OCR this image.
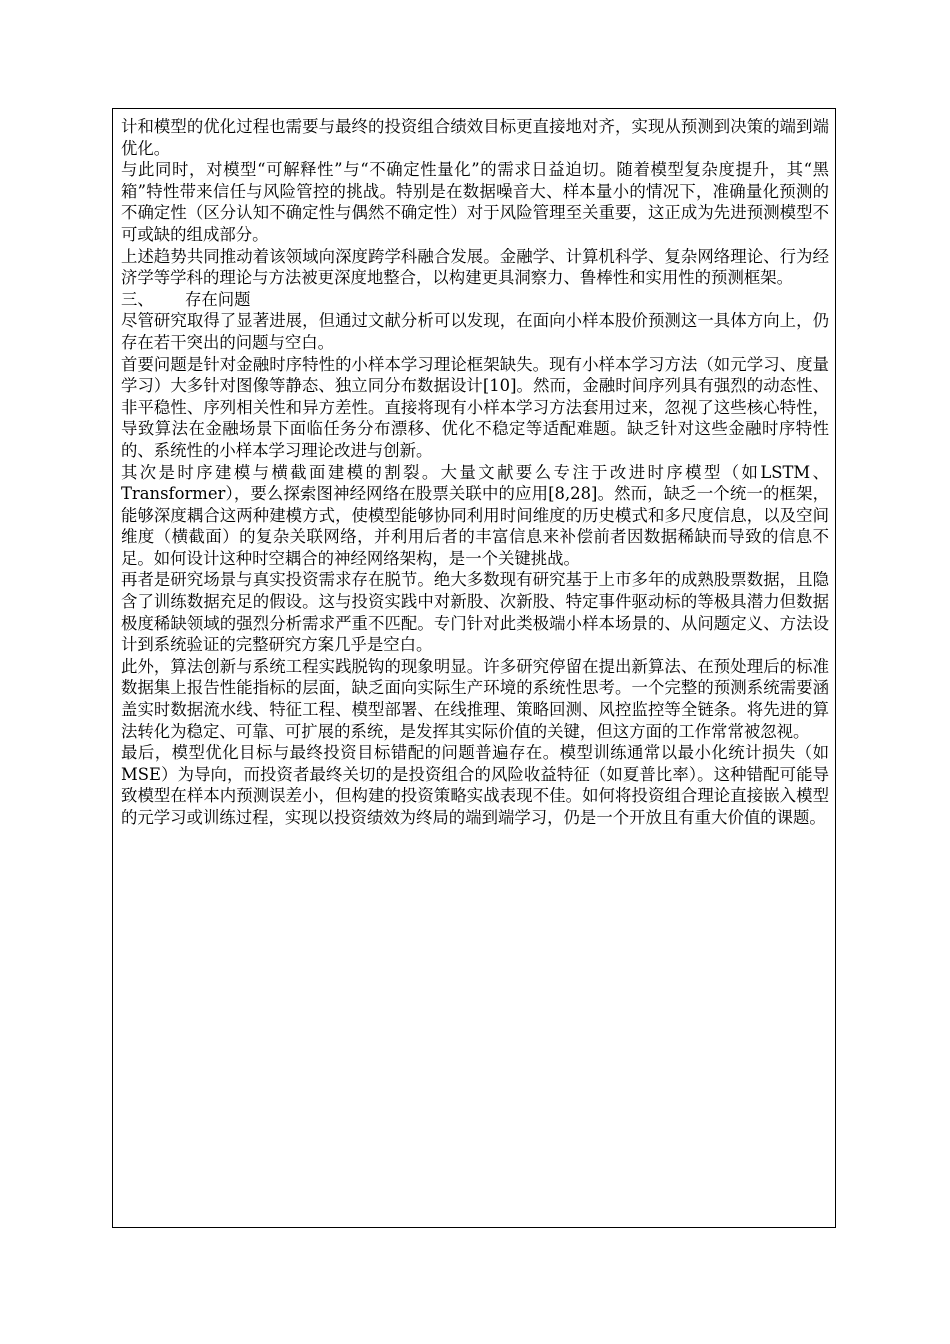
计和模型的优化过程也需要与最终的投资组合绩效目标更直接地对齐，实现从预测到决策的端到端优化。

与此同时，对模型“可解释性”与“不确定性量化”的需求日益迫切。随着模型复杂度提升，其“黑箱”特性带来信任与风险管控的挑战。特别是在数据噪音大、样本量小的情况下，准确量化预测的不确定性（区分认知不确定性与偶然不确定性）对于风险管理至关重要，这正成为先进预测模型不可或缺的组成部分。

上述趋势共同推动着该领域向深度跨学科融合发展。金融学、计算机科学、复杂网络理论、行为经济学等学科的理论与方法被更深度地整合，以构建更具洞察力、鲁棒性和实用性的预测框架。

三、 存在问题

尽管研究取得了显著进展，但通过文献分析可以发现，在面向小样本股价预测这一具体方向上，仍存在若干突出的问题与空白。

首要问题是针对金融时序特性的小样本学习理论框架缺失。现有小样本学习方法（如元学习、度量学习）大多针对图像等静态、独立同分布数据设计[10]。然而，金融时间序列具有强烈的动态性、非平稳性、序列相关性和异方差性。直接将现有小样本学习方法套用过来，忽视了这些核心特性，导致算法在金融场景下面临任务分布漂移、优化不稳定等适配难题。缺乏针对这些金融时序特性的、系统性的小样本学习理论改进与创新。

其次是时序建模与横截面建模的割裂。大量文献要么专注于改进时序模型（如LSTM、Transformer），要么探索图神经网络在股票关联中的应用[8,28]。然而，缺乏一个统一的框架，能够深度耦合这两种建模方式，使模型能够协同利用时间维度的历史模式和多尺度信息，以及空间维度（横截面）的复杂关联网络，并利用后者的丰富信息来补偿前者因数据稀缺而导致的信息不足。如何设计这种时空耦合的神经网络架构，是一个关键挑战。

再者是研究场景与真实投资需求存在脱节。绝大多数现有研究基于上市多年的成熟股票数据，且隐含了训练数据充足的假设。这与投资实践中对新股、次新股、特定事件驱动标的等极具潜力但数据极度稀缺领域的强烈分析需求严重不匹配。专门针对此类极端小样本场景的、从问题定义、方法设计到系统验证的完整研究方案几乎是空白。

此外，算法创新与系统工程实践脱钩的现象明显。许多研究停留在提出新算法、在预处理后的标准数据集上报告性能指标的层面，缺乏面向实际生产环境的系统性思考。一个完整的预测系统需要涵盖实时数据流水线、特征工程、模型部署、在线推理、策略回测、风控监控等全链条。将先进的算法转化为稳定、可靠、可扩展的系统，是发挥其实际价值的关键，但这方面的工作常常被忽视。

最后，模型优化目标与最终投资目标错配的问题普遍存在。模型训练通常以最小化统计损失（如MSE）为导向，而投资者最终关切的是投资组合的风险收益特征（如夏普比率）。这种错配可能导致模型在样本内预测误差小，但构建的投资策略实战表现不佳。如何将投资组合理论直接嵌入模型的元学习或训练过程，实现以投资绩效为终局的端到端学习，仍是一个开放且有重大价值的课题。
